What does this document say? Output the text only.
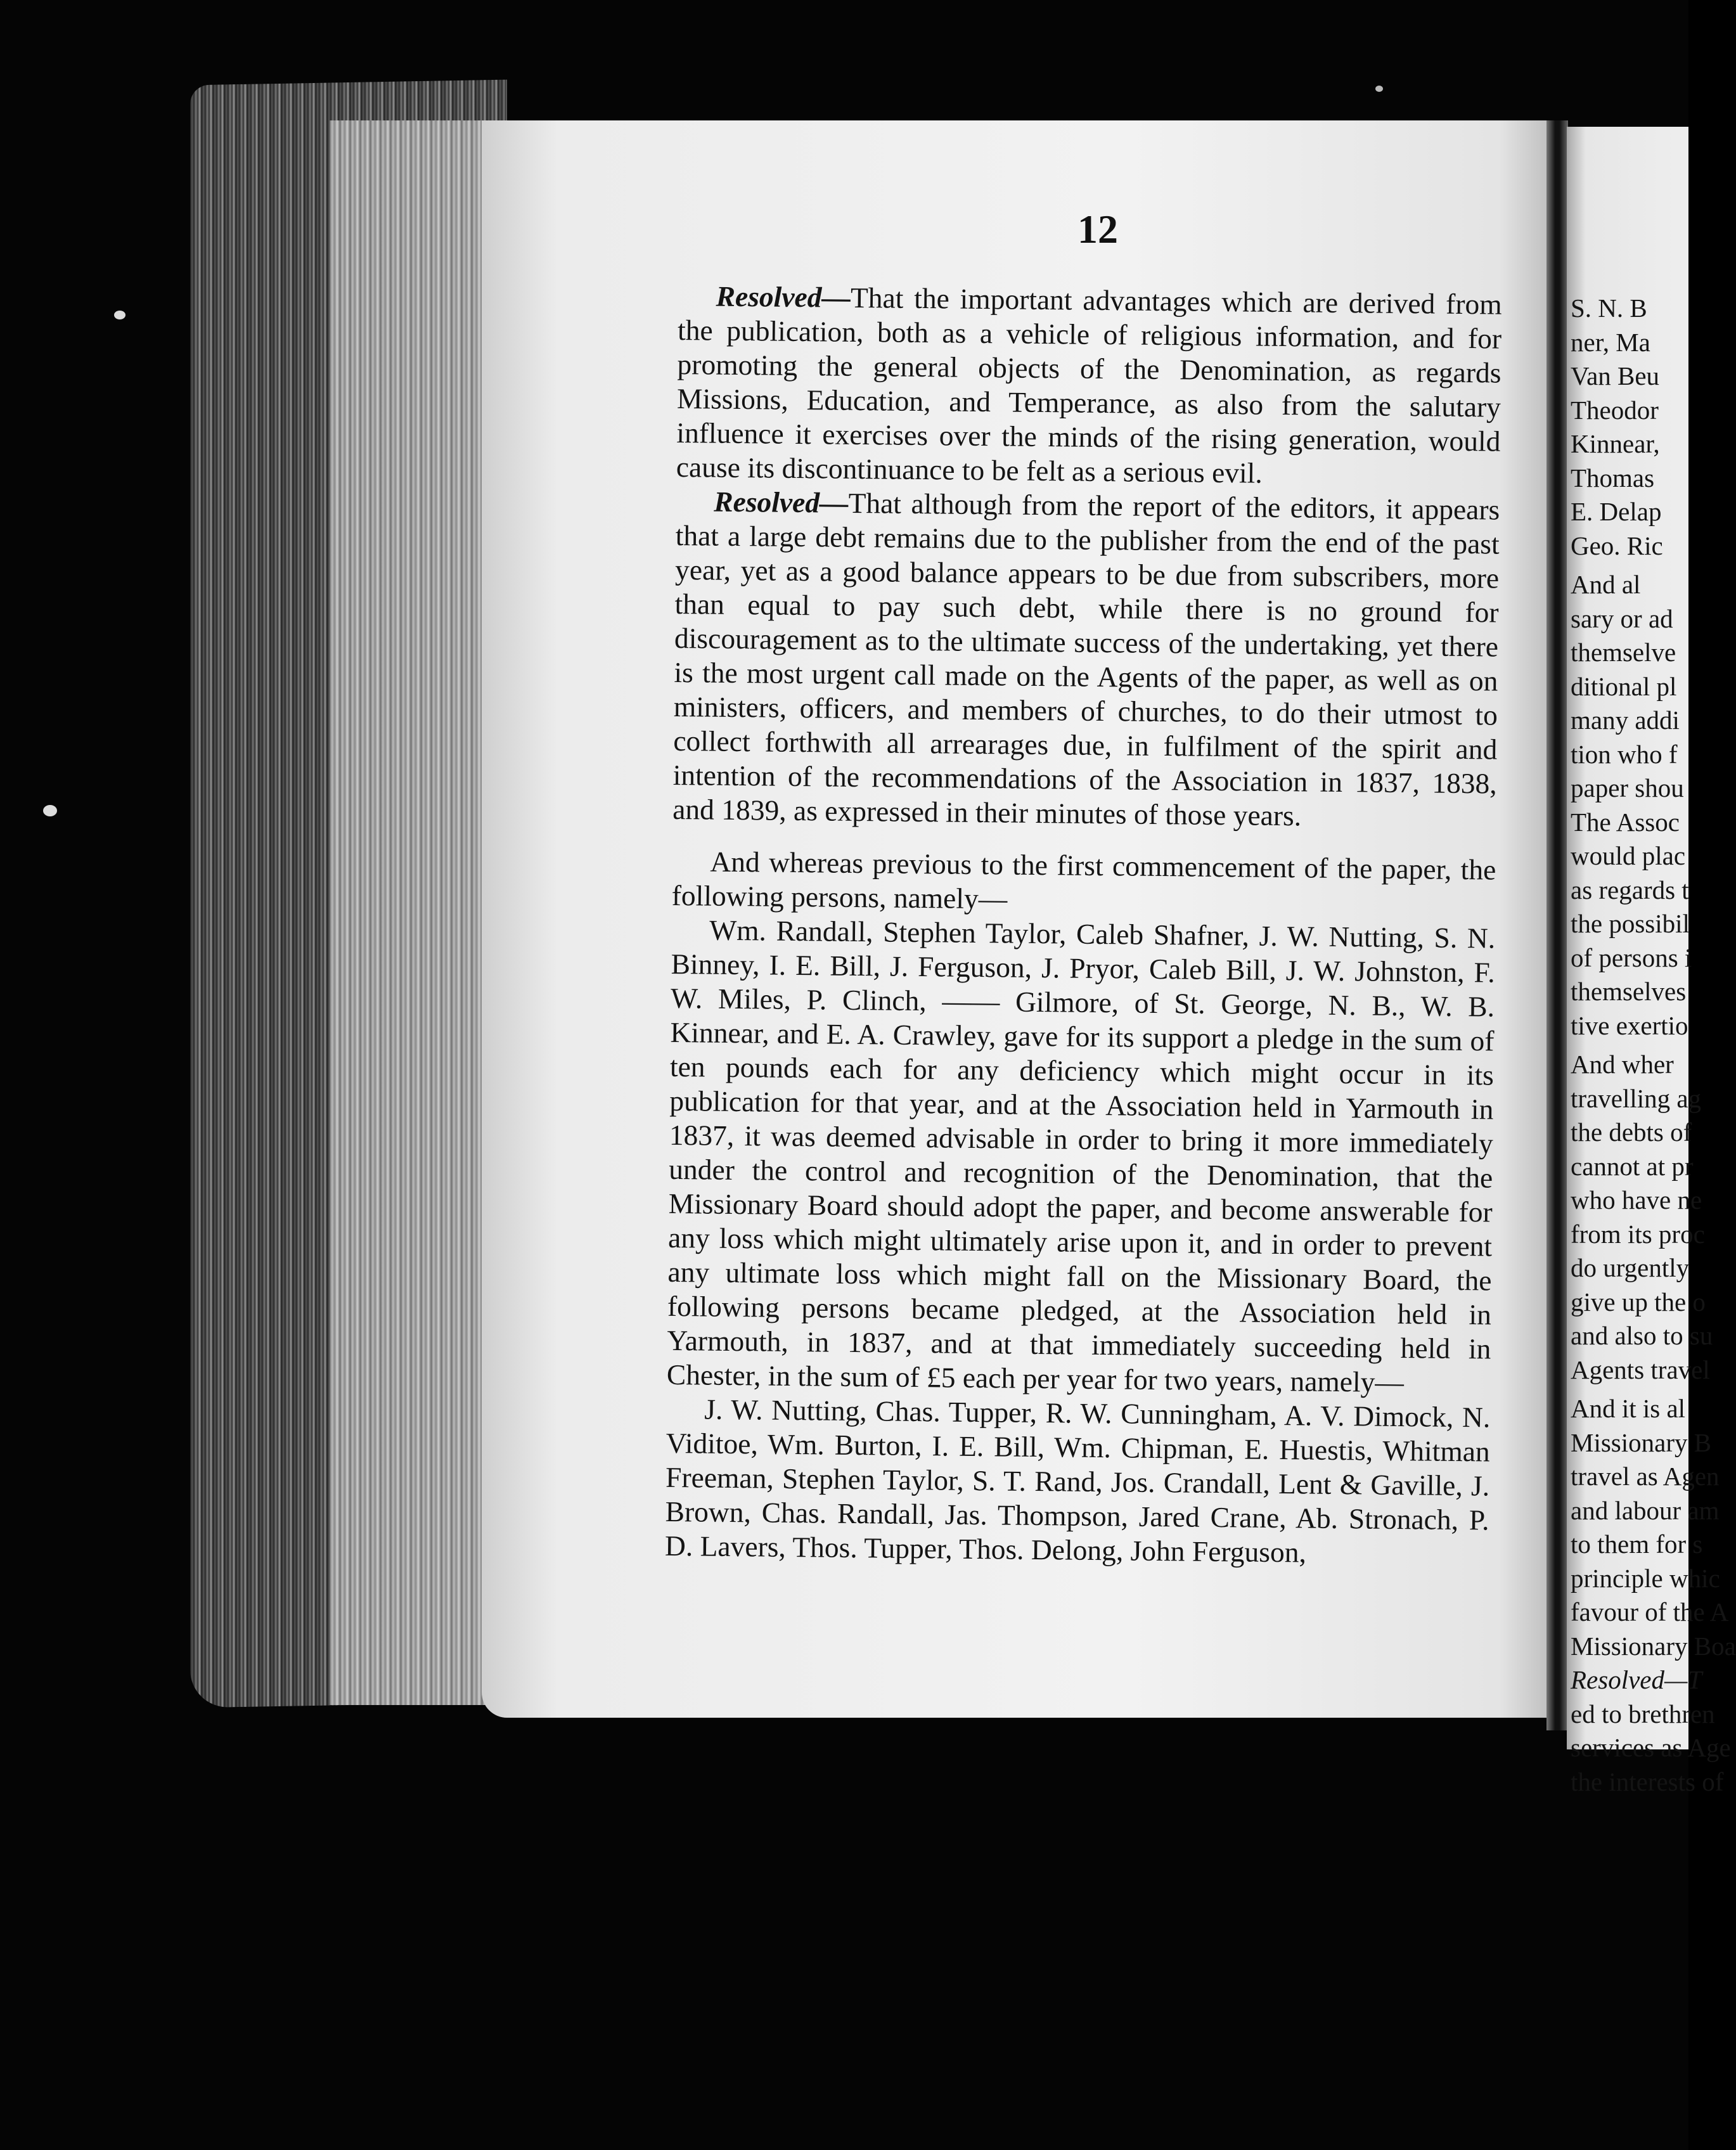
12

Resolved—That the important advantages which are derived from the publication, both as a vehicle of religious information, and for promoting the general objects of the Denomination, as regards Missions, Education, and Temperance, as also from the salutary influence it exercises over the minds of the rising generation, would cause its discontinuance to be felt as a serious evil.

Resolved—That although from the report of the editors, it appears that a large debt remains due to the publisher from the end of the past year, yet as a good balance appears to be due from subscribers, more than equal to pay such debt, while there is no ground for discouragement as to the ultimate success of the undertaking, yet there is the most urgent call made on the Agents of the paper, as well as on ministers, officers, and members of churches, to do their utmost to collect forthwith all arrearages due, in fulfilment of the spirit and intention of the recommendations of the Association in 1837, 1838, and 1839, as expressed in their minutes of those years.

And whereas previous to the first commencement of the paper, the following persons, namely—

Wm. Randall, Stephen Taylor, Caleb Shafner, J. W. Nutting, S. N. Binney, I. E. Bill, J. Ferguson, J. Pryor, Caleb Bill, J. W. Johnston, F. W. Miles, P. Clinch, —— Gilmore, of St. George, N. B., W. B. Kinnear, and E. A. Crawley, gave for its support a pledge in the sum of ten pounds each for any deficiency which might occur in its publication for that year, and at the Association held in Yarmouth in 1837, it was deemed advisable in order to bring it more immediately under the control and recognition of the Denomination, that the Missionary Board should adopt the paper, and become answerable for any loss which might ultimately arise upon it, and in order to prevent any ultimate loss which might fall on the Missionary Board, the following persons became pledged, at the Association held in Yarmouth, in 1837, and at that immediately succeeding held in Chester, in the sum of £5 each per year for two years, namely—

J. W. Nutting, Chas. Tupper, R. W. Cunningham, A. V. Dimock, N. Viditoe, Wm. Burton, I. E. Bill, Wm. Chipman, E. Huestis, Whitman Freeman, Stephen Taylor, S. T. Rand, Jos. Crandall, Lent & Gaville, J. Brown, Chas. Randall, Jas. Thompson, Jared Crane, Ab. Stronach, P. D. Lavers, Thos. Tupper, Thos. Delong, John Ferguson,

S. N. B
ner, Ma
Van Beu
Theodor
Kinnear,
Thomas
E. Delap
Geo. Ric
And al
sary or ad
themselve
ditional pl
many addi
tion who f
paper shou
The Assoc
would plac
as regards t
the possibil
of persons i
themselves
tive exertio
And wher
travelling ag
the debts of
cannot at pr
who have ne
from its proc
do urgently
give up the o
and also to su
Agents travel
And it is al
Missionary B
travel as Agen
and labour am
to them for s
principle whic
favour of the A
Missionary Boa
Resolved—T
ed to brethren
services as Age
the interests of
